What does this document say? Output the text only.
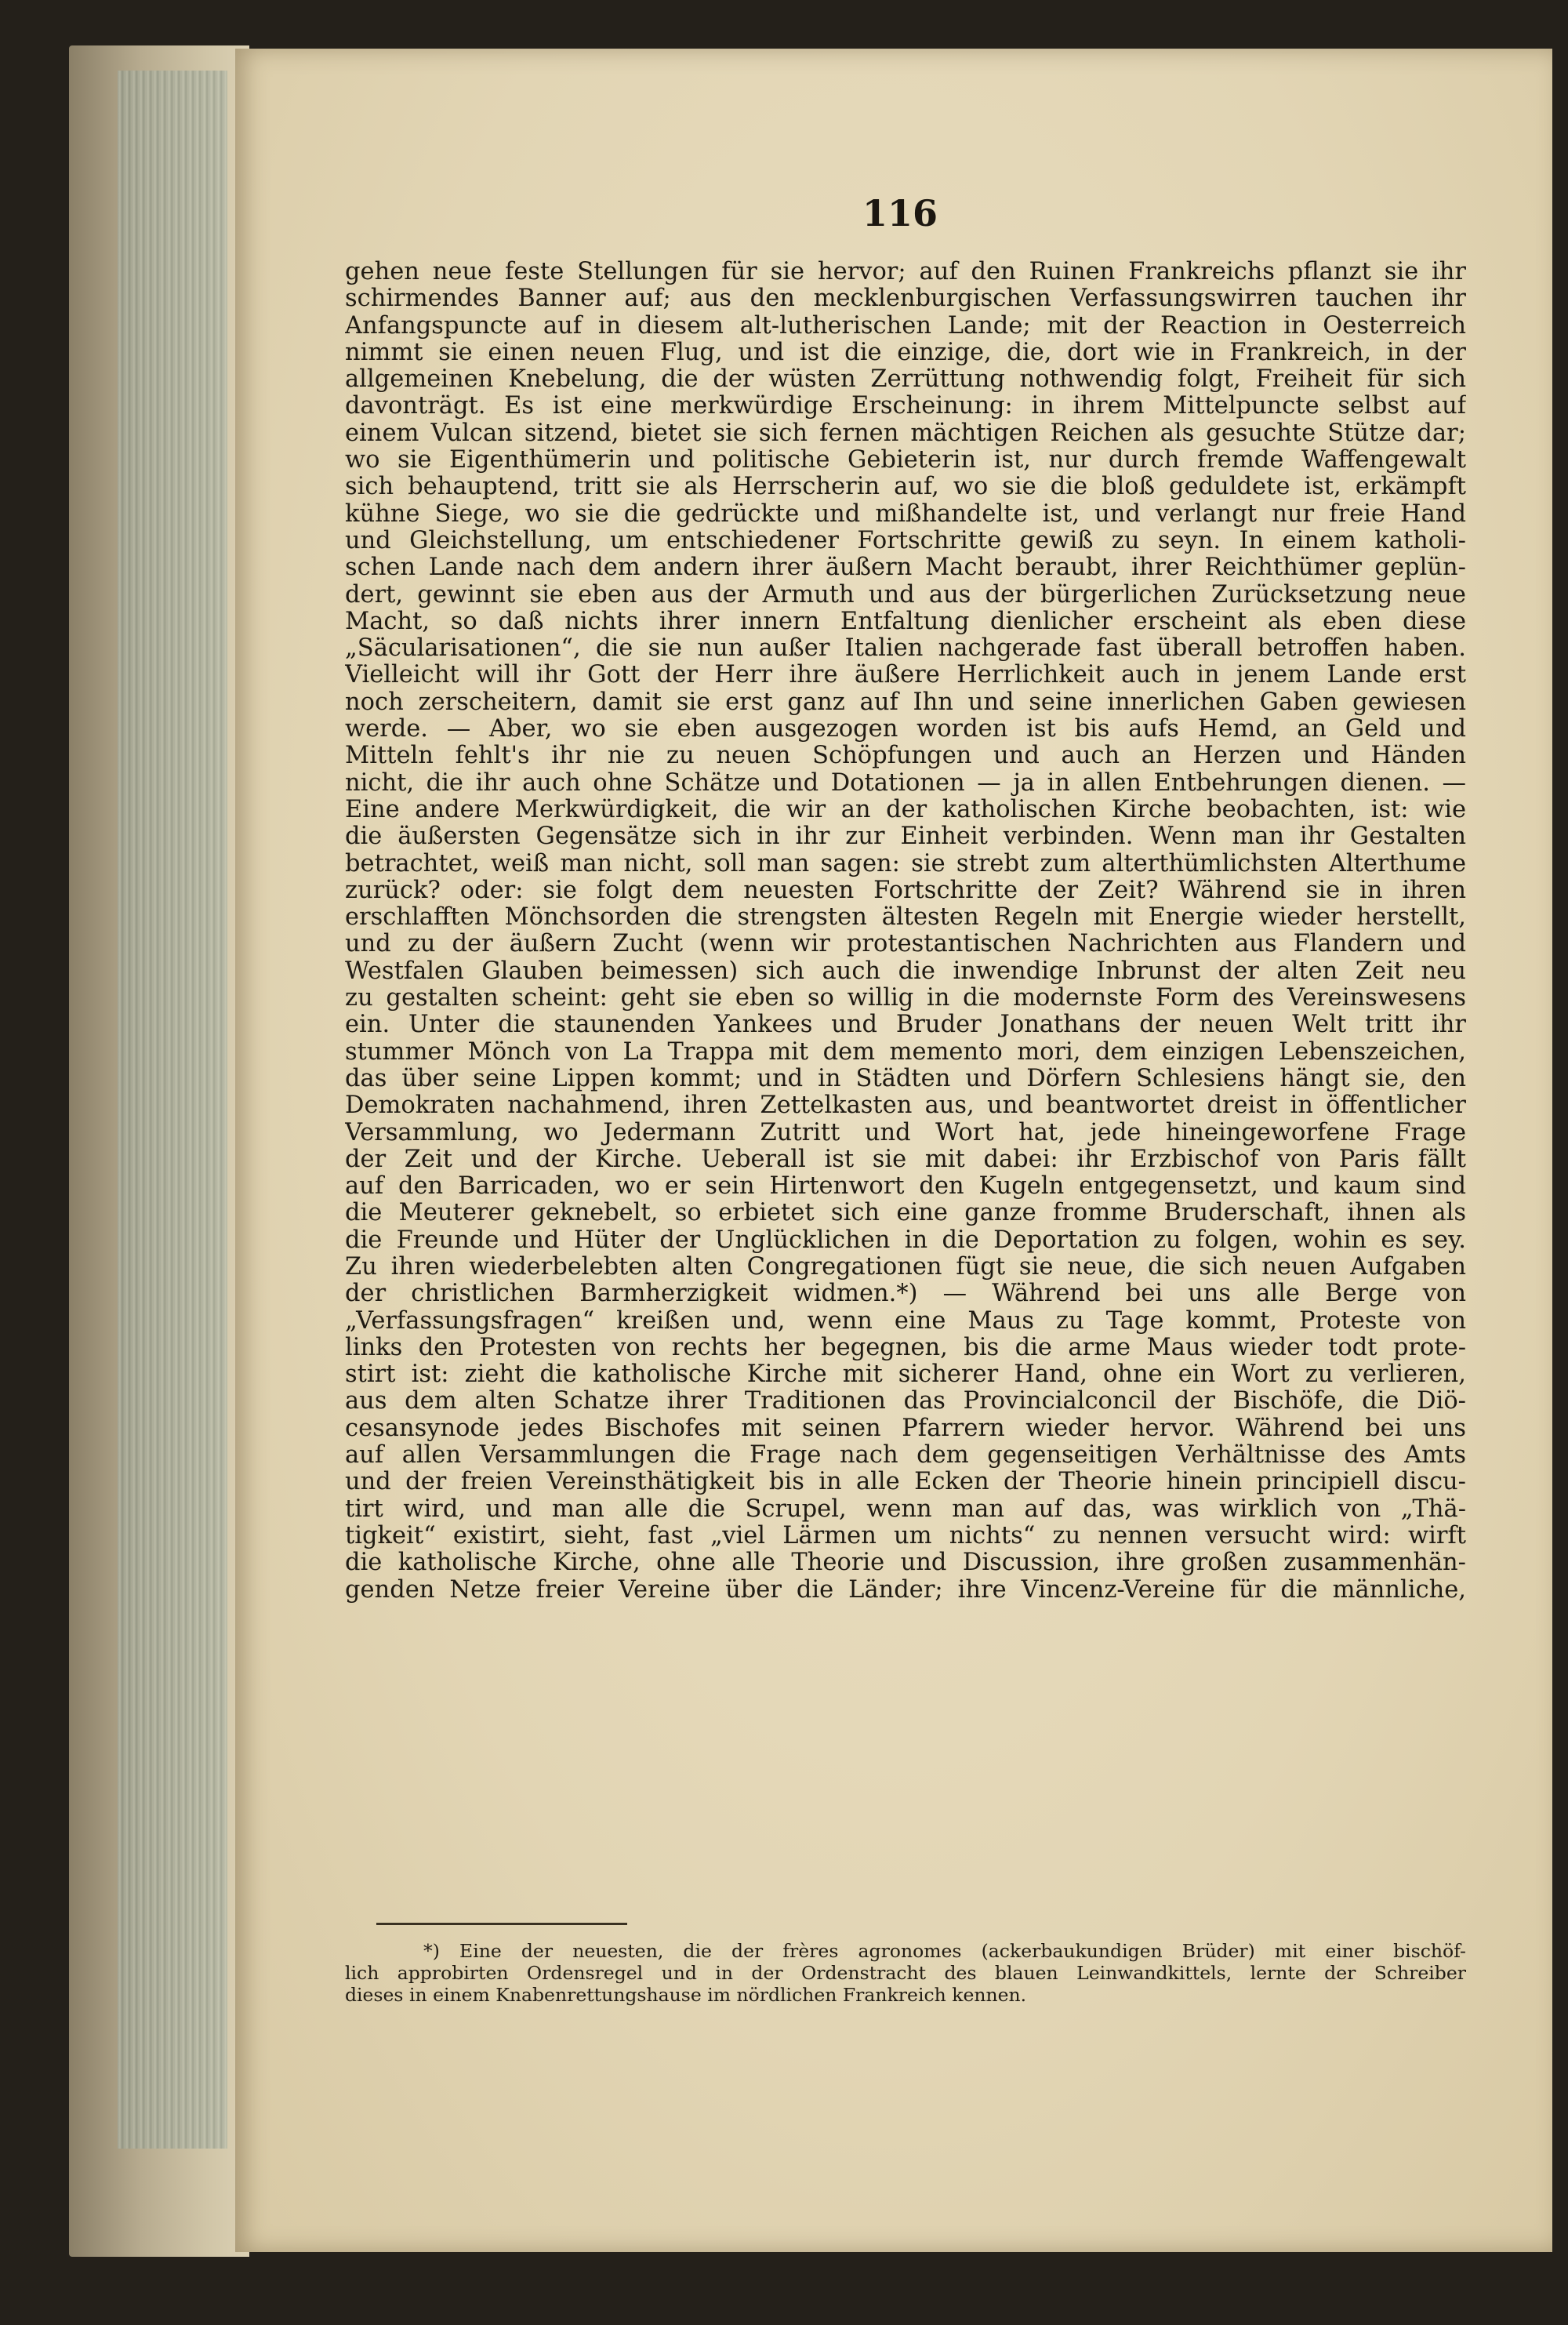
116
gehen neue feste Stellungen für sie hervor; auf den Ruinen Frankreichs pflanzt sie ihr
schirmendes Banner auf; aus den mecklenburgischen Verfassungswirren tauchen ihr
Anfangspuncte auf in diesem alt-lutherischen Lande; mit der Reaction in Oesterreich
nimmt sie einen neuen Flug, und ist die einzige, die, dort wie in Frankreich, in der
allgemeinen Knebelung, die der wüsten Zerrüttung nothwendig folgt, Freiheit für sich
davonträgt. Es ist eine merkwürdige Erscheinung: in ihrem Mittelpuncte selbst auf
einem Vulcan sitzend, bietet sie sich fernen mächtigen Reichen als gesuchte Stütze dar;
wo sie Eigenthümerin und politische Gebieterin ist, nur durch fremde Waffengewalt
sich behauptend, tritt sie als Herrscherin auf, wo sie die bloß geduldete ist, erkämpft
kühne Siege, wo sie die gedrückte und mißhandelte ist, und verlangt nur freie Hand
und Gleichstellung, um entschiedener Fortschritte gewiß zu seyn. In einem katholi-
schen Lande nach dem andern ihrer äußern Macht beraubt, ihrer Reichthümer geplün-
dert, gewinnt sie eben aus der Armuth und aus der bürgerlichen Zurücksetzung neue
Macht, so daß nichts ihrer innern Entfaltung dienlicher erscheint als eben diese
„Säcularisationen“, die sie nun außer Italien nachgerade fast überall betroffen haben.
Vielleicht will ihr Gott der Herr ihre äußere Herrlichkeit auch in jenem Lande erst
noch zerscheitern, damit sie erst ganz auf Ihn und seine innerlichen Gaben gewiesen
werde. — Aber, wo sie eben ausgezogen worden ist bis aufs Hemd, an Geld und
Mitteln fehlt's ihr nie zu neuen Schöpfungen und auch an Herzen und Händen
nicht, die ihr auch ohne Schätze und Dotationen — ja in allen Entbehrungen dienen. —
Eine andere Merkwürdigkeit, die wir an der katholischen Kirche beobachten, ist: wie
die äußersten Gegensätze sich in ihr zur Einheit verbinden. Wenn man ihr Gestalten
betrachtet, weiß man nicht, soll man sagen: sie strebt zum alterthümlichsten Alterthume
zurück? oder: sie folgt dem neuesten Fortschritte der Zeit? Während sie in ihren
erschlafften Mönchsorden die strengsten ältesten Regeln mit Energie wieder herstellt,
und zu der äußern Zucht (wenn wir protestantischen Nachrichten aus Flandern und
Westfalen Glauben beimessen) sich auch die inwendige Inbrunst der alten Zeit neu
zu gestalten scheint: geht sie eben so willig in die modernste Form des Vereinswesens
ein. Unter die staunenden Yankees und Bruder Jonathans der neuen Welt tritt ihr
stummer Mönch von La Trappa mit dem memento mori, dem einzigen Lebenszeichen,
das über seine Lippen kommt; und in Städten und Dörfern Schlesiens hängt sie, den
Demokraten nachahmend, ihren Zettelkasten aus, und beantwortet dreist in öffentlicher
Versammlung, wo Jedermann Zutritt und Wort hat, jede hineingeworfene Frage
der Zeit und der Kirche. Ueberall ist sie mit dabei: ihr Erzbischof von Paris fällt
auf den Barricaden, wo er sein Hirtenwort den Kugeln entgegensetzt, und kaum sind
die Meuterer geknebelt, so erbietet sich eine ganze fromme Bruderschaft, ihnen als
die Freunde und Hüter der Unglücklichen in die Deportation zu folgen, wohin es sey.
Zu ihren wiederbelebten alten Congregationen fügt sie neue, die sich neuen Aufgaben
der christlichen Barmherzigkeit widmen.*) — Während bei uns alle Berge von
„Verfassungsfragen“ kreißen und, wenn eine Maus zu Tage kommt, Proteste von
links den Protesten von rechts her begegnen, bis die arme Maus wieder todt prote-
stirt ist: zieht die katholische Kirche mit sicherer Hand, ohne ein Wort zu verlieren,
aus dem alten Schatze ihrer Traditionen das Provincialconcil der Bischöfe, die Diö-
cesansynode jedes Bischofes mit seinen Pfarrern wieder hervor. Während bei uns
auf allen Versammlungen die Frage nach dem gegenseitigen Verhältnisse des Amts
und der freien Vereinsthätigkeit bis in alle Ecken der Theorie hinein principiell discu-
tirt wird, und man alle die Scrupel, wenn man auf das, was wirklich von „Thä-
tigkeit“ existirt, sieht, fast „viel Lärmen um nichts“ zu nennen versucht wird: wirft
die katholische Kirche, ohne alle Theorie und Discussion, ihre großen zusammenhän-
genden Netze freier Vereine über die Länder; ihre Vincenz-Vereine für die männliche,
*) Eine der neuesten, die der frères agronomes (ackerbaukundigen Brüder) mit einer bischöf-
lich approbirten Ordensregel und in der Ordenstracht des blauen Leinwandkittels, lernte der Schreiber
dieses in einem Knabenrettungshause im nördlichen Frankreich kennen.
